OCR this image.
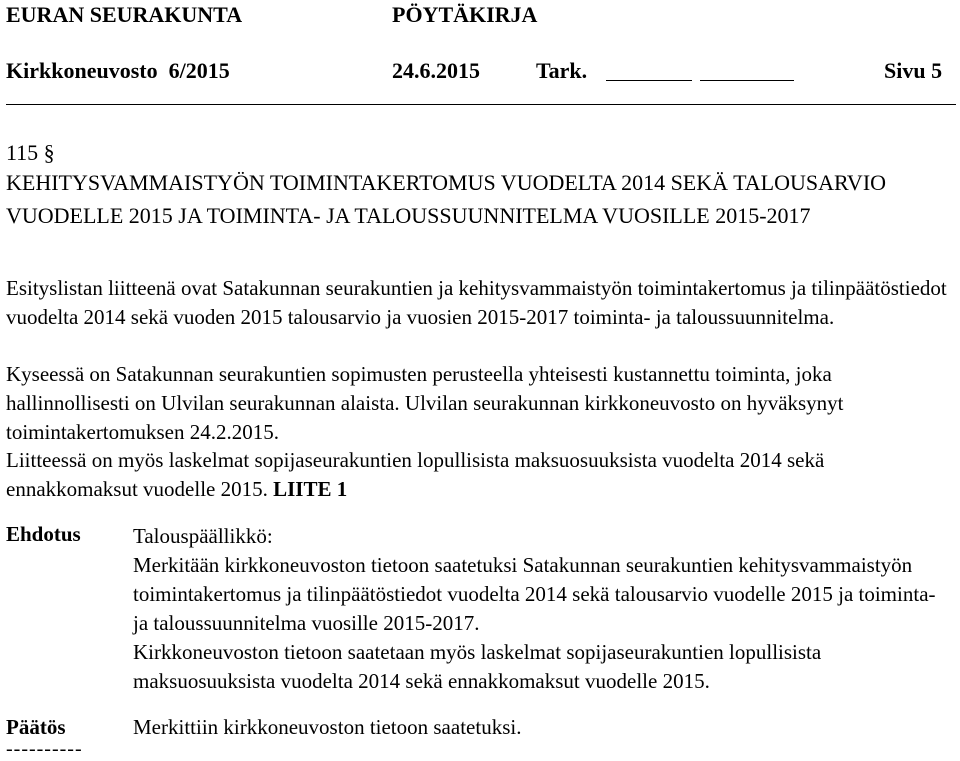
EURAN SEURAKUNTA	PÖYTÄKIRJA
Kirkkoneuvosto  6/2015	24.6.2015	Tark.	Sivu 5
115 §
KEHITYSVAMMAISTYÖN TOIMINTAKERTOMUS VUODELTA 2014 SEKÄ TALOUSARVIO VUODELLE 2015 JA TOIMINTA- JA TALOUSSUUNNITELMA VUOSILLE 2015-2017
Esityslistan liitteenä ovat Satakunnan seurakuntien ja kehitysvammaistyön toimintakertomus ja tilinpäätöstiedot vuodelta 2014 sekä vuoden 2015 talousarvio ja vuosien 2015-2017 toiminta- ja taloussuunnitelma.
Kyseessä on Satakunnan seurakuntien sopimusten perusteella yhteisesti kustannettu toiminta, joka hallinnollisesti on Ulvilan seurakunnan alaista. Ulvilan seurakunnan kirkkoneuvosto on hyväksynyt toimintakertomuksen 24.2.2015.
Liitteessä on myös laskelmat sopijaseurakuntien lopullisista maksuosuuksista vuodelta 2014 sekä ennakkomaksut vuodelle 2015. LIITE 1
Ehdotus Talouspäällikkö:
Merkitään kirkkoneuvoston tietoon saatetuksi Satakunnan seurakuntien kehitysvammaistyön toimintakertomus ja tilinpäätöstiedot vuodelta 2014 sekä talousarvio vuodelle 2015 ja toiminta- ja taloussuunnitelma vuosille 2015-2017.
Kirkkoneuvoston tietoon saatetaan myös laskelmat sopijaseurakuntien lopullisista maksuosuuksista vuodelta 2014 sekä ennakkomaksut vuodelle 2015.
Päätös	Merkittiin kirkkoneuvoston tietoon saatetuksi.
----------
